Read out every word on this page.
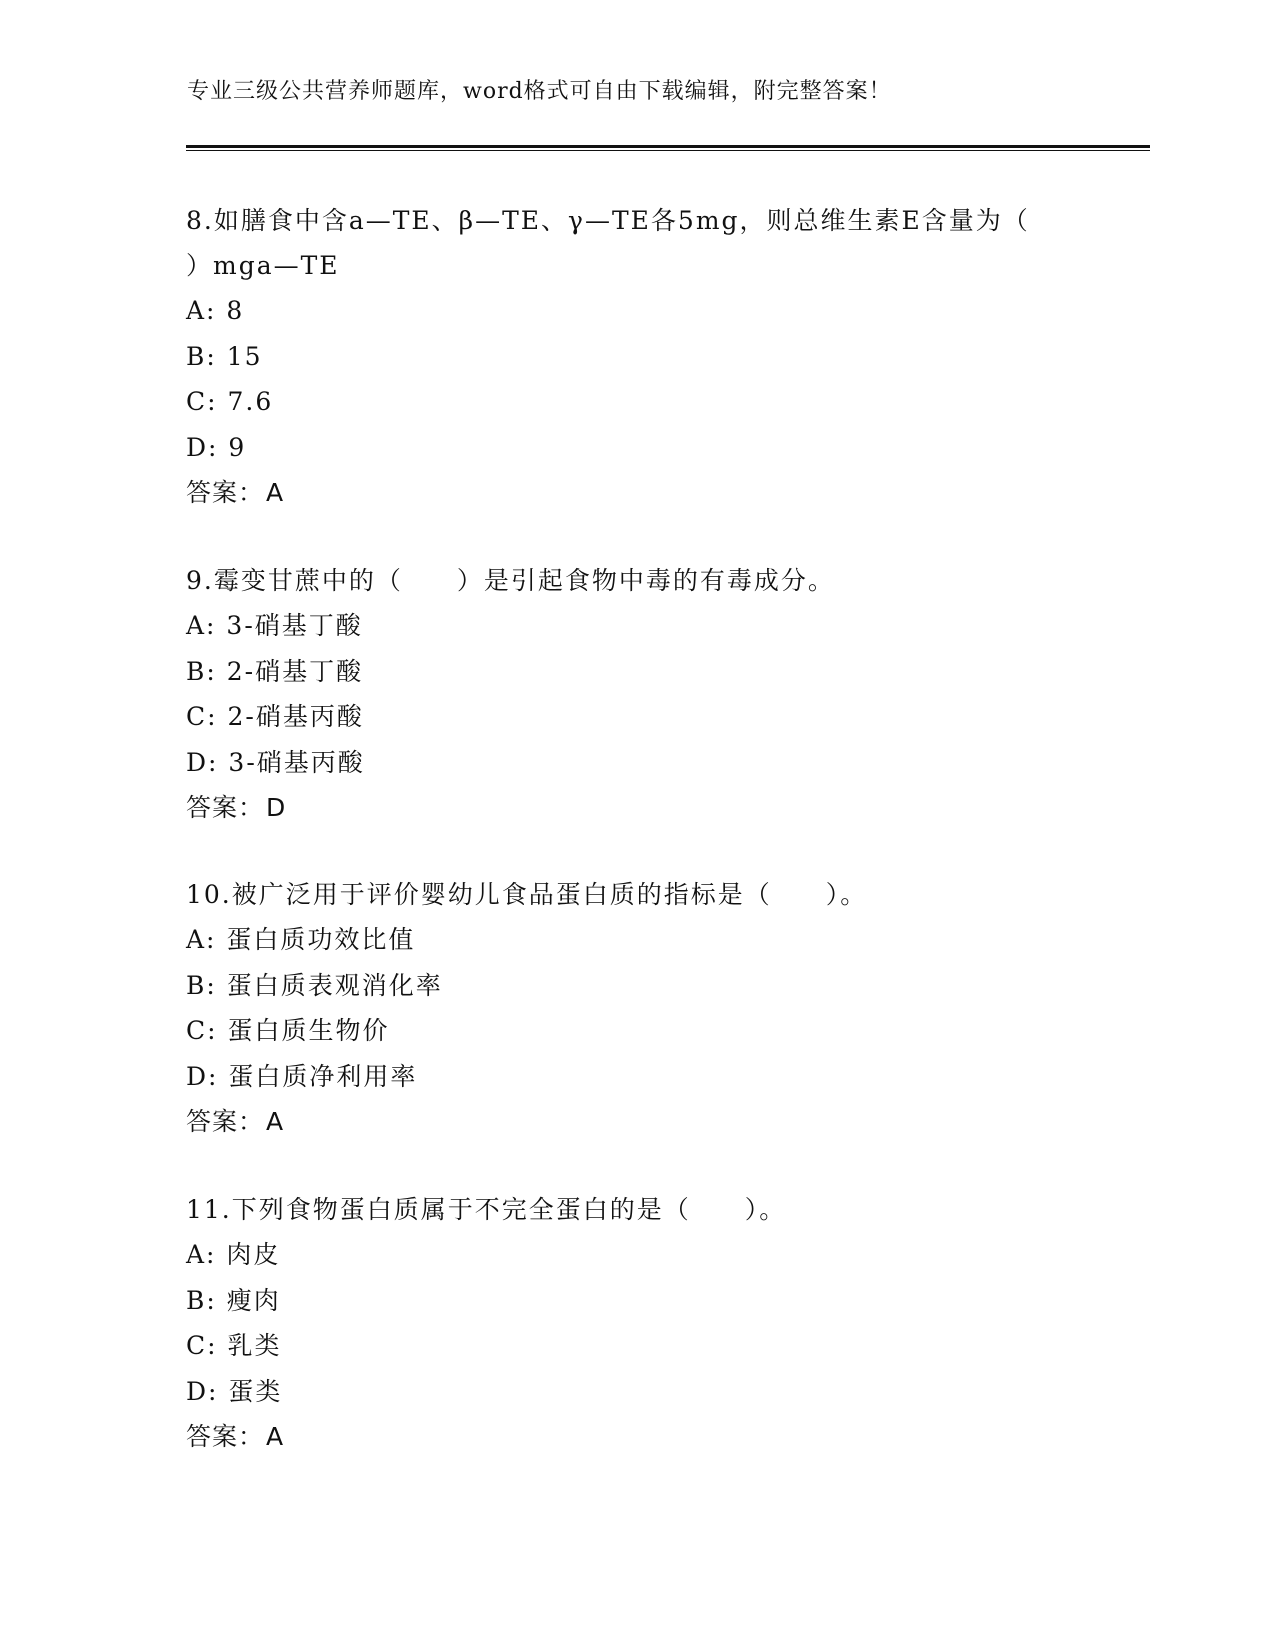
专业三级公共营养师题库，word格式可自由下载编辑，附完整答案！
8.如膳食中含a—TE、β—TE、γ—TE各5mg，则总维生素E含量为（
）mga—TE
A: 8
B: 15
C: 7.6
D: 9
答案：A
9.霉变甘蔗中的（　　）是引起食物中毒的有毒成分。
A: 3-硝基丁酸
B: 2-硝基丁酸
C: 2-硝基丙酸
D: 3-硝基丙酸
答案：D
10.被广泛用于评价婴幼儿食品蛋白质的指标是（　　）。
A: 蛋白质功效比值
B: 蛋白质表观消化率
C: 蛋白质生物价
D: 蛋白质净利用率
答案：A
11.下列食物蛋白质属于不完全蛋白的是（　　）。
A: 肉皮
B: 瘦肉
C: 乳类
D: 蛋类
答案：A
